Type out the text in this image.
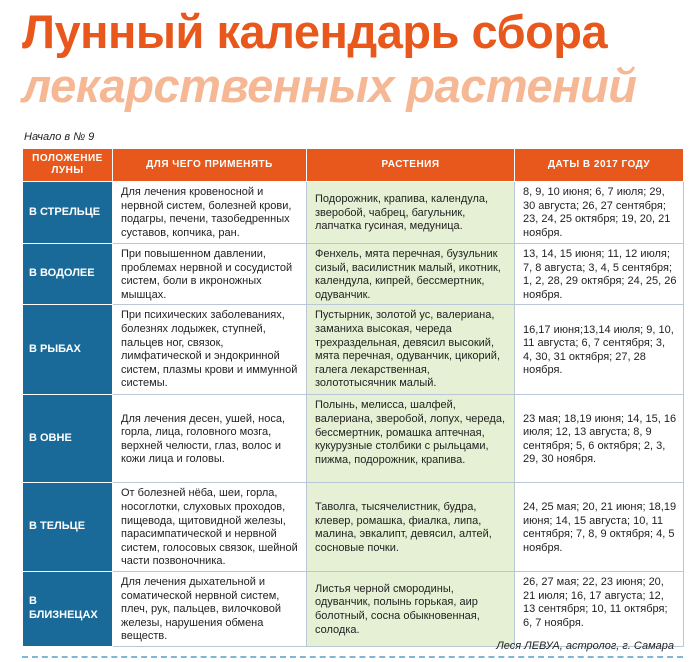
Лунный календарь сбора
лекарственных растений
Начало в № 9
ПОЛОЖЕНИЕ ЛУНЫ	ДЛЯ ЧЕГО ПРИМЕНЯТЬ	РАСТЕНИЯ	ДАТЫ В 2017 ГОДУ
В СТРЕЛЬЦЕ	Для лечения кровеносной и нервной систем, болезней крови, подагры, печени, тазобедренных суставов, копчика, ран.	Подорожник, крапива, календула, зверобой, чабрец, багульник, лапчатка гусиная, медуница.	8, 9, 10 июня; 6, 7 июля; 29, 30 августа; 26, 27 сентября; 23, 24, 25 октября; 19, 20, 21 ноября.
В ВОДОЛЕЕ	При повышенном давлении, проблемах нервной и сосудистой систем, боли в икроножных мышцах.	Фенхель, мята перечная, бузульник сизый, василистник малый, икотник, календула, кипрей, бессмертник, одуванчик.	13, 14, 15 июня; 11, 12 июля; 7, 8 августа; 3, 4, 5 сентября; 1, 2, 28, 29 октября; 24, 25, 26 ноября.
В РЫБАХ	При психических заболеваниях, болезнях лодыжек, ступней, пальцев ног, связок, лимфатической и эндокринной систем, плазмы крови и иммунной системы.	Пустырник, золотой ус, валериана, заманиха высокая, череда трехраздельная, девясил высокий, мята перечная, одуванчик, цикорий, галега лекарственная, золототысячник малый.	16,17 июня;13,14 июля; 9, 10, 11 августа; 6, 7 сентября; 3, 4, 30, 31 октября; 27, 28 ноября.
В ОВНЕ	Для лечения десен, ушей, носа, горла, лица, головного мозга, верхней челюсти, глаз, волос и кожи лица и головы.	Полынь, мелисса, шалфей, валериана, зверобой, лопух, череда, бессмертник, ромашка аптечная, кукурузные столбики с рыльцами, пижма, подорожник, крапива.	23 мая; 18,19 июня; 14, 15, 16 июля; 12, 13 августа; 8, 9 сентября; 5, 6 октября; 2, 3, 29, 30 ноября.
В ТЕЛЬЦЕ	От болезней нёба, шеи, горла, носоглотки, слуховых проходов, пищевода, щитовидной железы, парасимпатической и нервной систем, голосовых связок, шейной части позвоночника.	Таволга, тысячелистник, будра, клевер, ромашка, фиалка, липа, малина, эвкалипт, девясил, алтей, сосновые почки.	24, 25 мая; 20, 21 июня; 18,19 июня; 14, 15 августа; 10, 11 сентября; 7, 8, 9 октября; 4, 5 ноября.
В БЛИЗНЕЦАХ	Для лечения дыхательной и соматической нервной систем, плеч, рук, пальцев, вилочковой железы, нарушения обмена веществ.	Листья черной смородины, одуванчик, полынь горькая, аир болотный, сосна обыкновенная, солодка.	26, 27 мая; 22, 23 июня; 20, 21 июля; 16, 17 августа; 12, 13 сентября; 10, 11 октября; 6, 7 ноября.
Леся ЛЕВУА, астролог, г. Самара
